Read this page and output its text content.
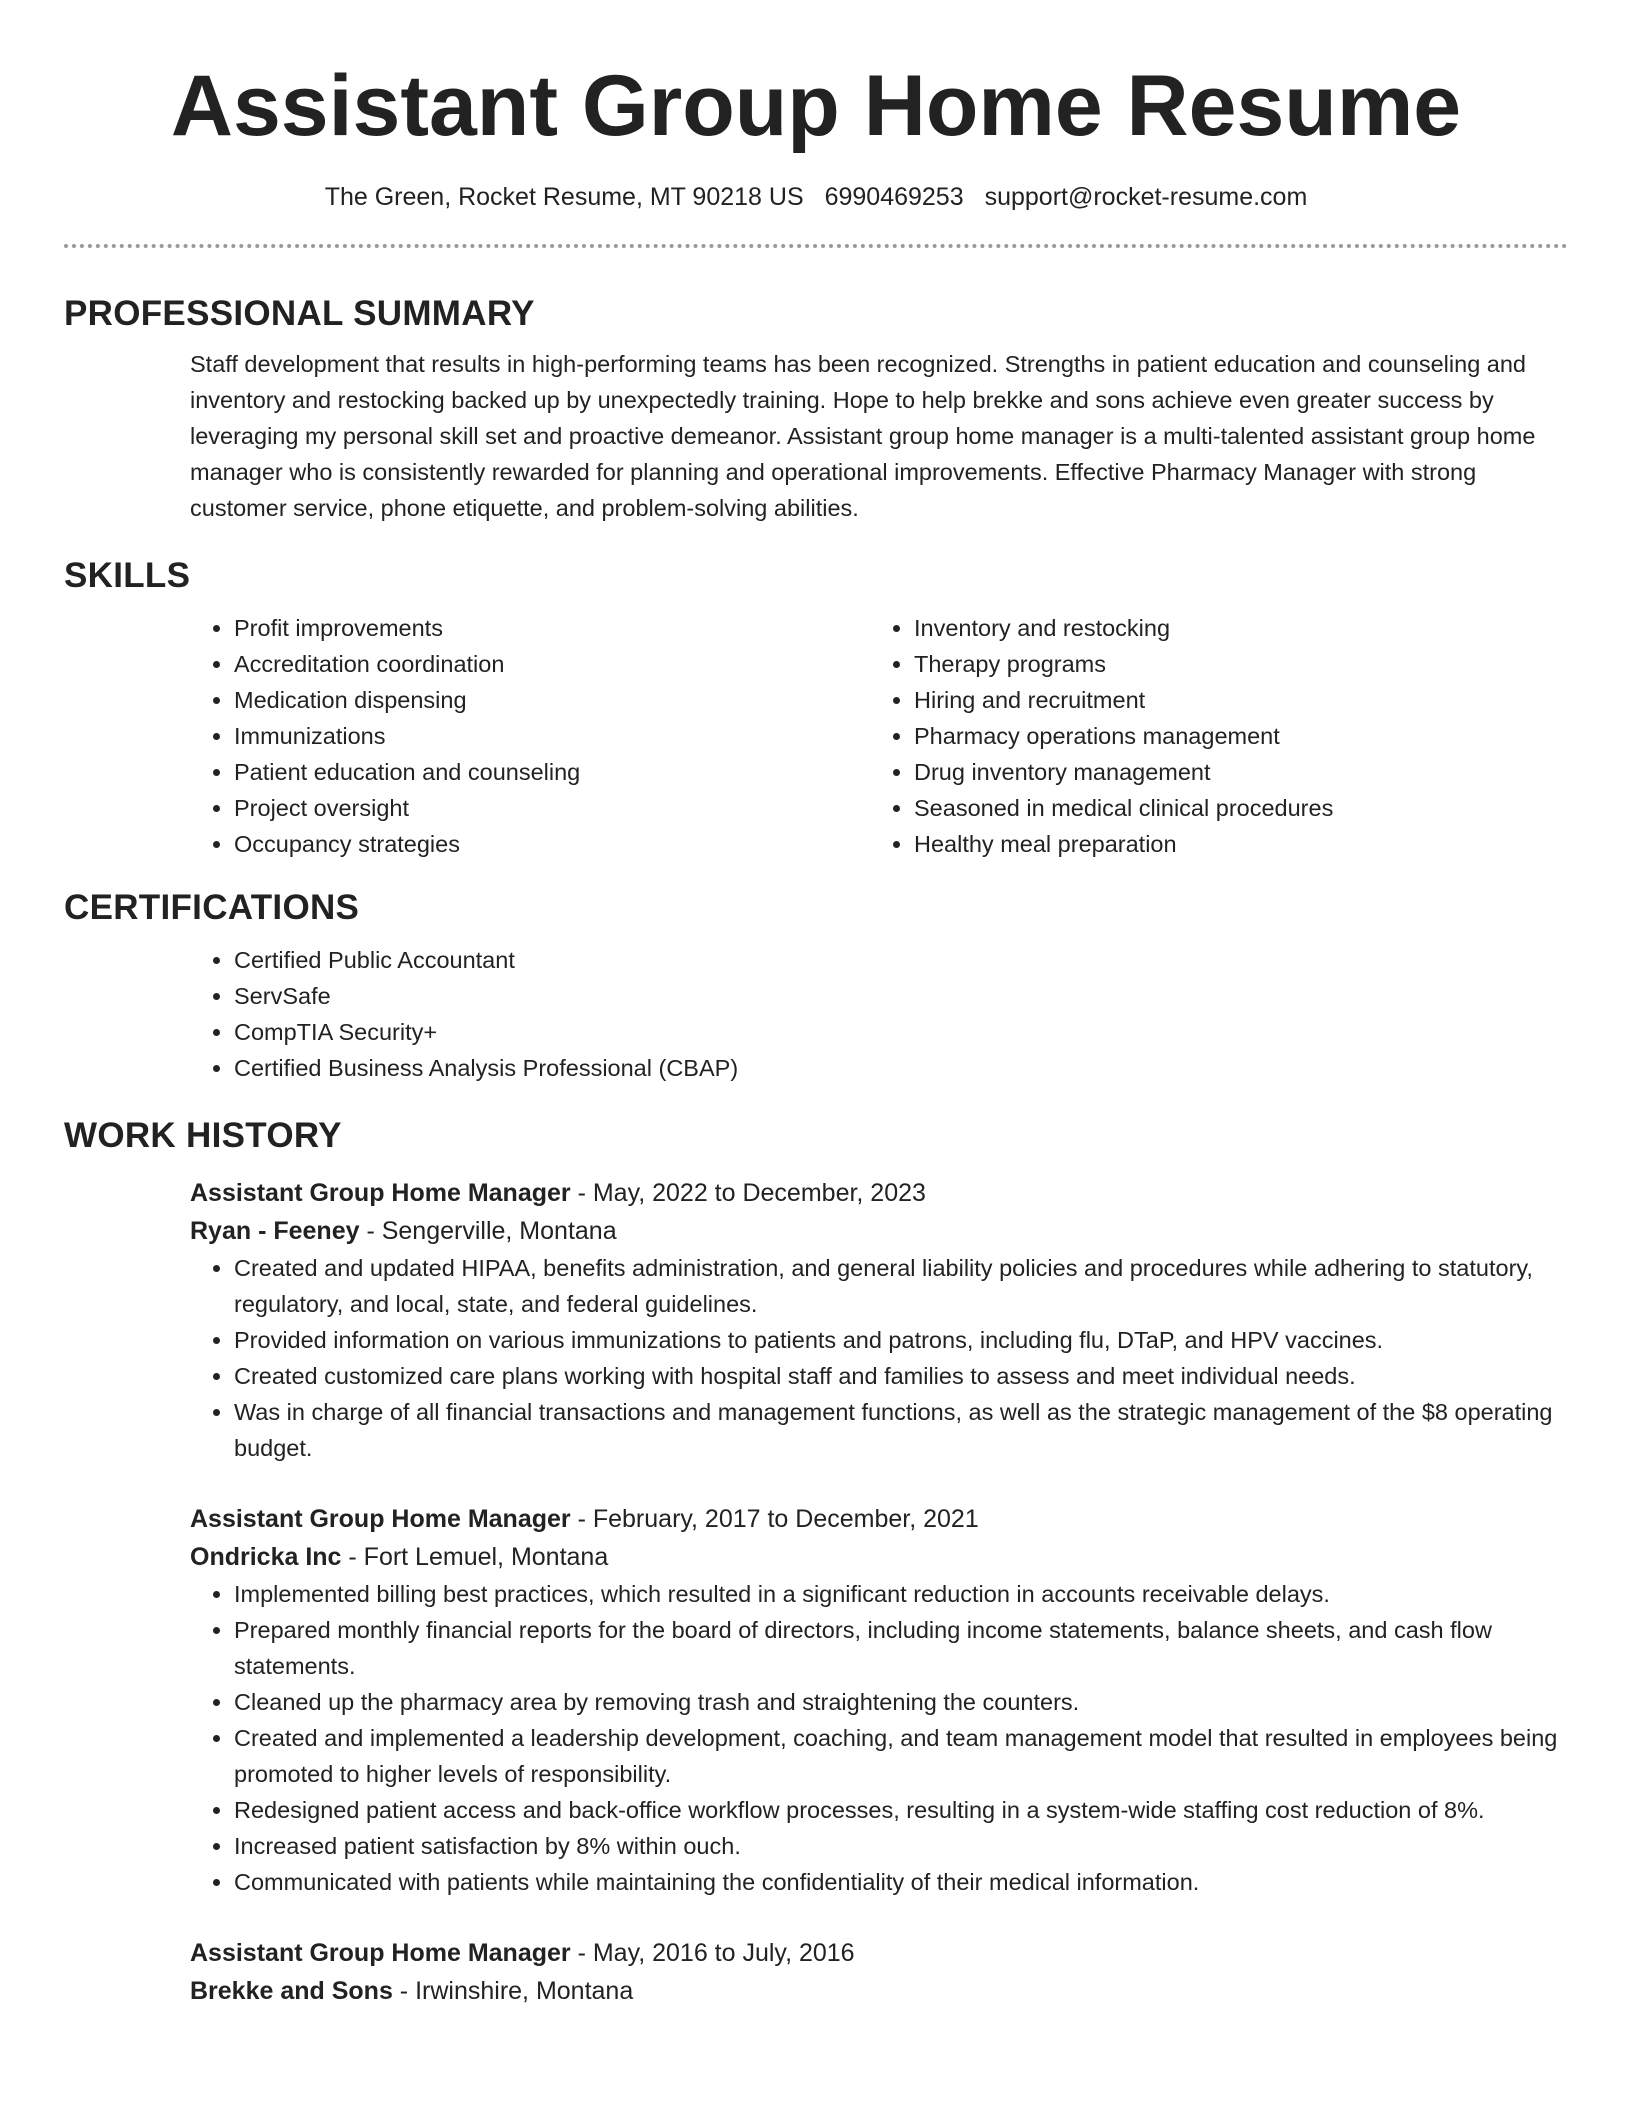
Assistant Group Home Resume
The Green, Rocket Resume, MT 90218 US 6990469253 support@rocket-resume.com
PROFESSIONAL SUMMARY

Staff development that results in high-performing teams has been recognized. Strengths in patient education and counseling and inventory and restocking backed up by unexpectedly training. Hope to help brekke and sons achieve even greater success by leveraging my personal skill set and proactive demeanor. Assistant group home manager is a multi-talented assistant group home manager who is consistently rewarded for planning and operational improvements. Effective Pharmacy Manager with strong customer service, phone etiquette, and problem-solving abilities.

SKILLS
• Profit improvements
• Accreditation coordination
• Medication dispensing
• Immunizations
• Patient education and counseling
• Project oversight
• Occupancy strategies
• Inventory and restocking
• Therapy programs
• Hiring and recruitment
• Pharmacy operations management
• Drug inventory management
• Seasoned in medical clinical procedures
• Healthy meal preparation
CERTIFICATIONS
• Certified Public Accountant
• ServSafe
• CompTIA Security+
• Certified Business Analysis Professional (CBAP)
WORK HISTORY
Assistant Group Home Manager - May, 2022 to December, 2023
Ryan - Feeney - Sengerville, Montana
• Created and updated HIPAA, benefits administration, and general liability policies and procedures while adhering to statutory, regulatory, and local, state, and federal guidelines.
• Provided information on various immunizations to patients and patrons, including flu, DTaP, and HPV vaccines.
• Created customized care plans working with hospital staff and families to assess and meet individual needs.
• Was in charge of all financial transactions and management functions, as well as the strategic management of the $8 operating budget.
Assistant Group Home Manager - February, 2017 to December, 2021
Ondricka Inc - Fort Lemuel, Montana
• Implemented billing best practices, which resulted in a significant reduction in accounts receivable delays.
• Prepared monthly financial reports for the board of directors, including income statements, balance sheets, and cash flow statements.
• Cleaned up the pharmacy area by removing trash and straightening the counters.
• Created and implemented a leadership development, coaching, and team management model that resulted in employees being promoted to higher levels of responsibility.
• Redesigned patient access and back-office workflow processes, resulting in a system-wide staffing cost reduction of 8%.
• Increased patient satisfaction by 8% within ouch.
• Communicated with patients while maintaining the confidentiality of their medical information.
Assistant Group Home Manager - May, 2016 to July, 2016
Brekke and Sons - Irwinshire, Montana
